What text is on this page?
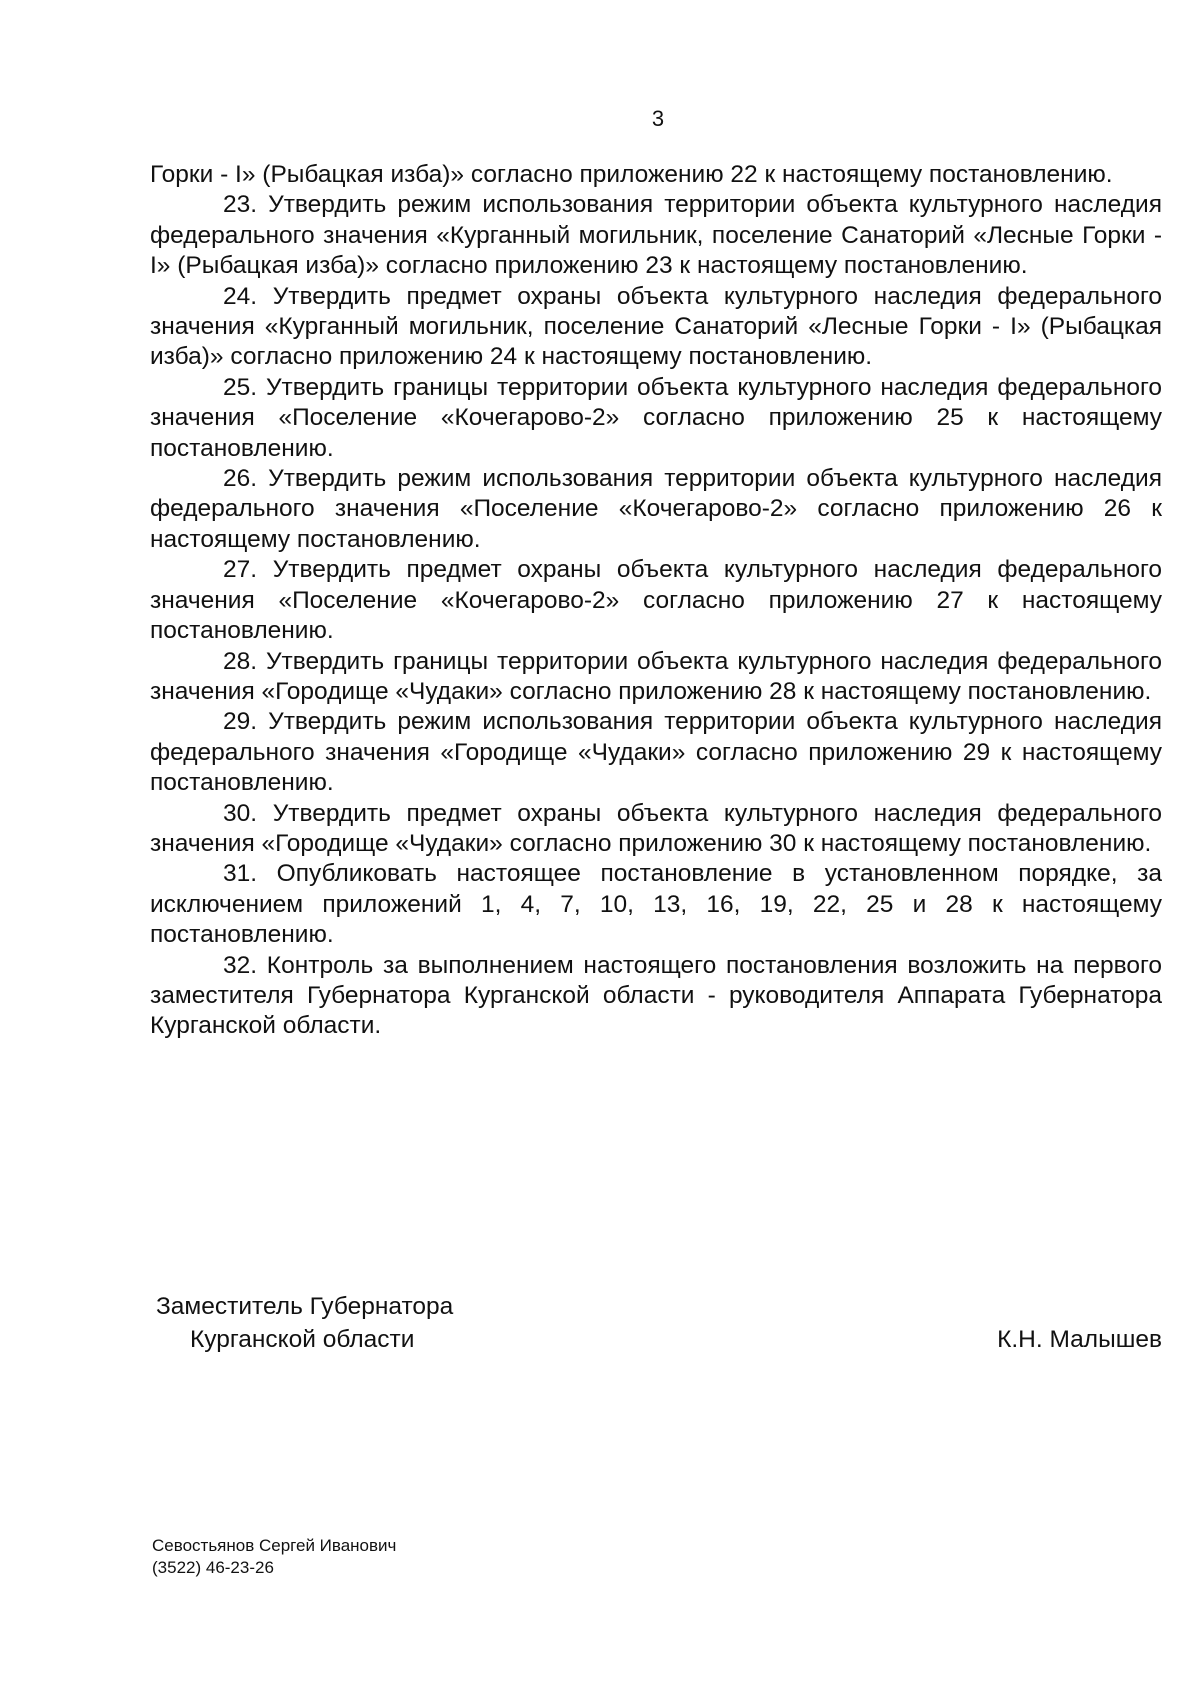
3

Горки - I» (Рыбацкая изба)» согласно приложению 22 к настоящему постановлению.

23. Утвердить режим использования территории объекта культурного наследия федерального значения «Курганный могильник, поселение Санаторий «Лесные Горки - I» (Рыбацкая изба)» согласно приложению 23 к настоящему постановлению.

24. Утвердить предмет охраны объекта культурного наследия федерального значения «Курганный могильник, поселение Санаторий «Лесные Горки - I» (Рыбацкая изба)» согласно приложению 24 к настоящему постановлению.

25. Утвердить границы территории объекта культурного наследия федерального значения «Поселение «Кочегарово-2» согласно приложению 25 к настоящему постановлению.

26. Утвердить режим использования территории объекта культурного наследия федерального значения «Поселение «Кочегарово-2» согласно приложению 26 к настоящему постановлению.

27. Утвердить предмет охраны объекта культурного наследия федерального значения «Поселение «Кочегарово-2» согласно приложению 27 к настоящему постановлению.

28. Утвердить границы территории объекта культурного наследия федерального значения «Городище «Чудаки» согласно приложению 28 к настоящему постановлению.

29. Утвердить режим использования территории объекта культурного наследия федерального значения «Городище «Чудаки» согласно приложению 29 к настоящему постановлению.

30. Утвердить предмет охраны объекта культурного наследия федерального значения «Городище «Чудаки» согласно приложению 30 к настоящему постановлению.

31. Опубликовать настоящее постановление в установленном порядке, за исключением приложений 1, 4, 7, 10, 13, 16, 19, 22, 25 и 28 к настоящему постановлению.

32. Контроль за выполнением настоящего постановления возложить на первого заместителя Губернатора Курганской области - руководителя Аппарата Губернатора Курганской области.

Заместитель Губернатора
Курганской области	К.Н. Малышев
Севостьянов Сергей Иванович
(3522) 46-23-26
